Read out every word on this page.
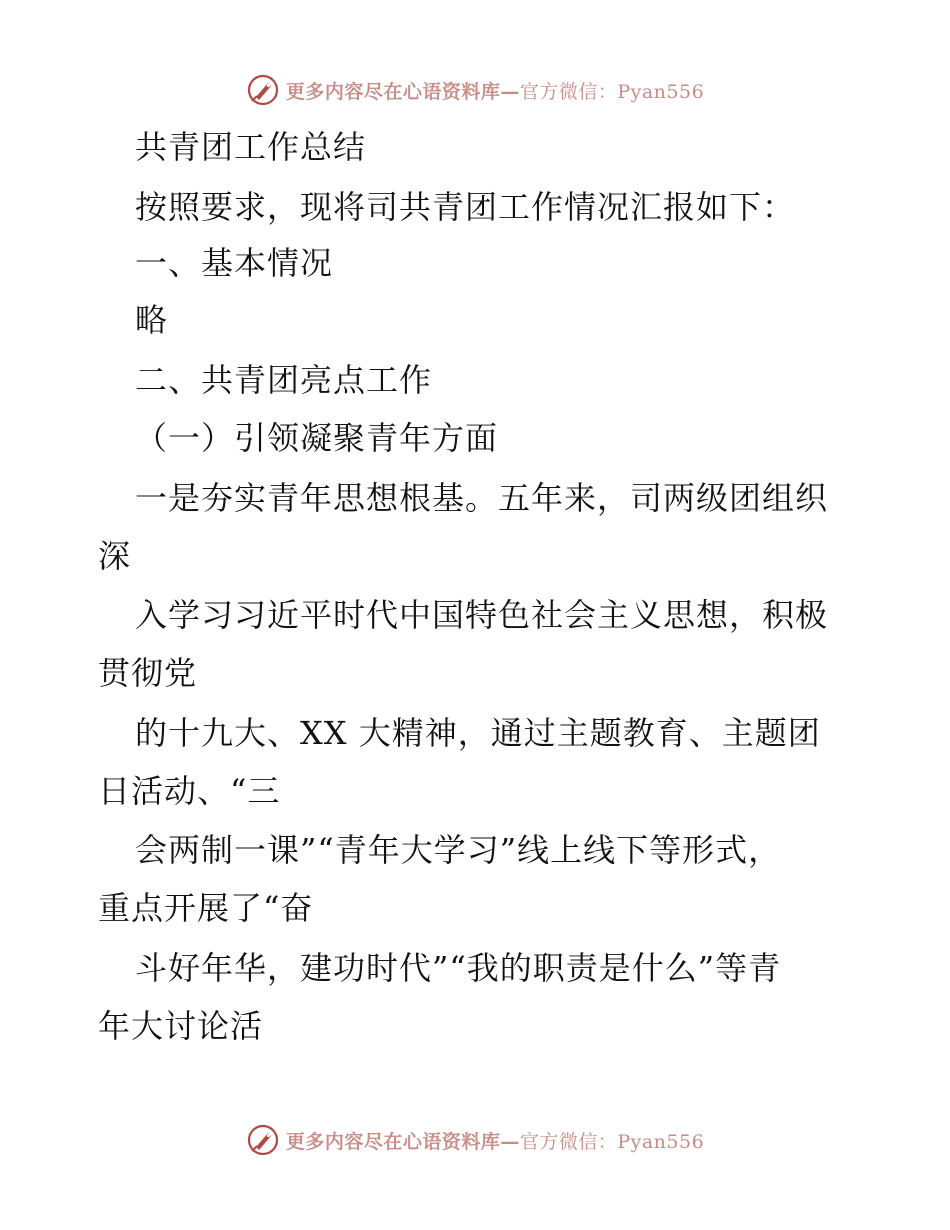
更多内容尽在心语资料库—官方微信：Pyan556
共青团工作总结
按照要求，现将司共青团工作情况汇报如下：
一、基本情况
略
二、共青团亮点工作
（一）引领凝聚青年方面
一是夯实青年思想根基。五年来，司两级团组织
深
入学习习近平时代中国特色社会主义思想，积极
贯彻党
的十九大、XX 大精神，通过主题教育、主题团
日活动、“三
会两制一课”“青年大学习”线上线下等形式，
重点开展了“奋
斗好年华，建功时代”“我的职责是什么”等青
年大讨论活
更多内容尽在心语资料库—官方微信：Pyan556
